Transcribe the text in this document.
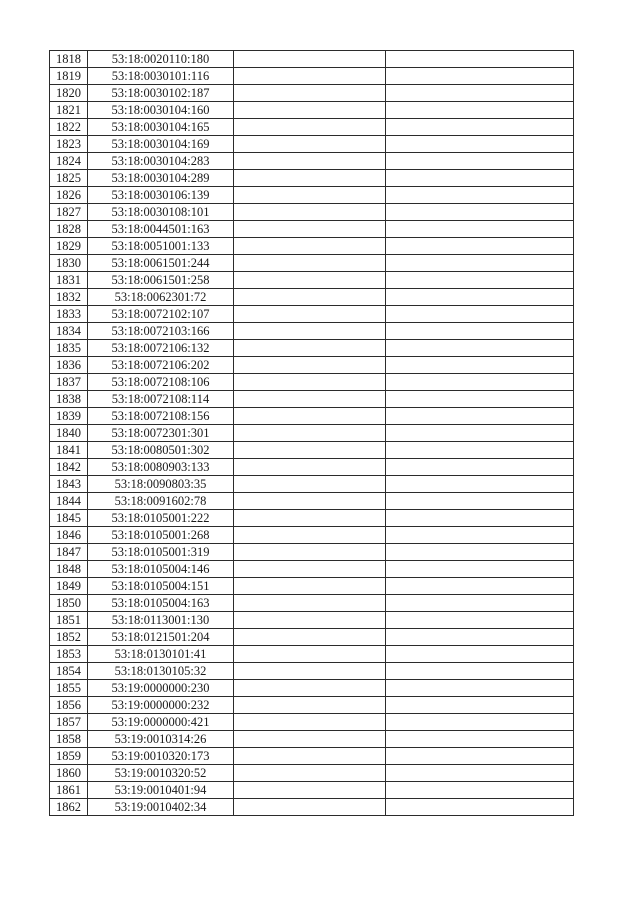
1818	53:18:0020110:180		
1819	53:18:0030101:116		
1820	53:18:0030102:187		
1821	53:18:0030104:160		
1822	53:18:0030104:165		
1823	53:18:0030104:169		
1824	53:18:0030104:283		
1825	53:18:0030104:289		
1826	53:18:0030106:139		
1827	53:18:0030108:101		
1828	53:18:0044501:163		
1829	53:18:0051001:133		
1830	53:18:0061501:244		
1831	53:18:0061501:258		
1832	53:18:0062301:72		
1833	53:18:0072102:107		
1834	53:18:0072103:166		
1835	53:18:0072106:132		
1836	53:18:0072106:202		
1837	53:18:0072108:106		
1838	53:18:0072108:114		
1839	53:18:0072108:156		
1840	53:18:0072301:301		
1841	53:18:0080501:302		
1842	53:18:0080903:133		
1843	53:18:0090803:35		
1844	53:18:0091602:78		
1845	53:18:0105001:222		
1846	53:18:0105001:268		
1847	53:18:0105001:319		
1848	53:18:0105004:146		
1849	53:18:0105004:151		
1850	53:18:0105004:163		
1851	53:18:0113001:130		
1852	53:18:0121501:204		
1853	53:18:0130101:41		
1854	53:18:0130105:32		
1855	53:19:0000000:230		
1856	53:19:0000000:232		
1857	53:19:0000000:421		
1858	53:19:0010314:26		
1859	53:19:0010320:173		
1860	53:19:0010320:52		
1861	53:19:0010401:94		
1862	53:19:0010402:34		
